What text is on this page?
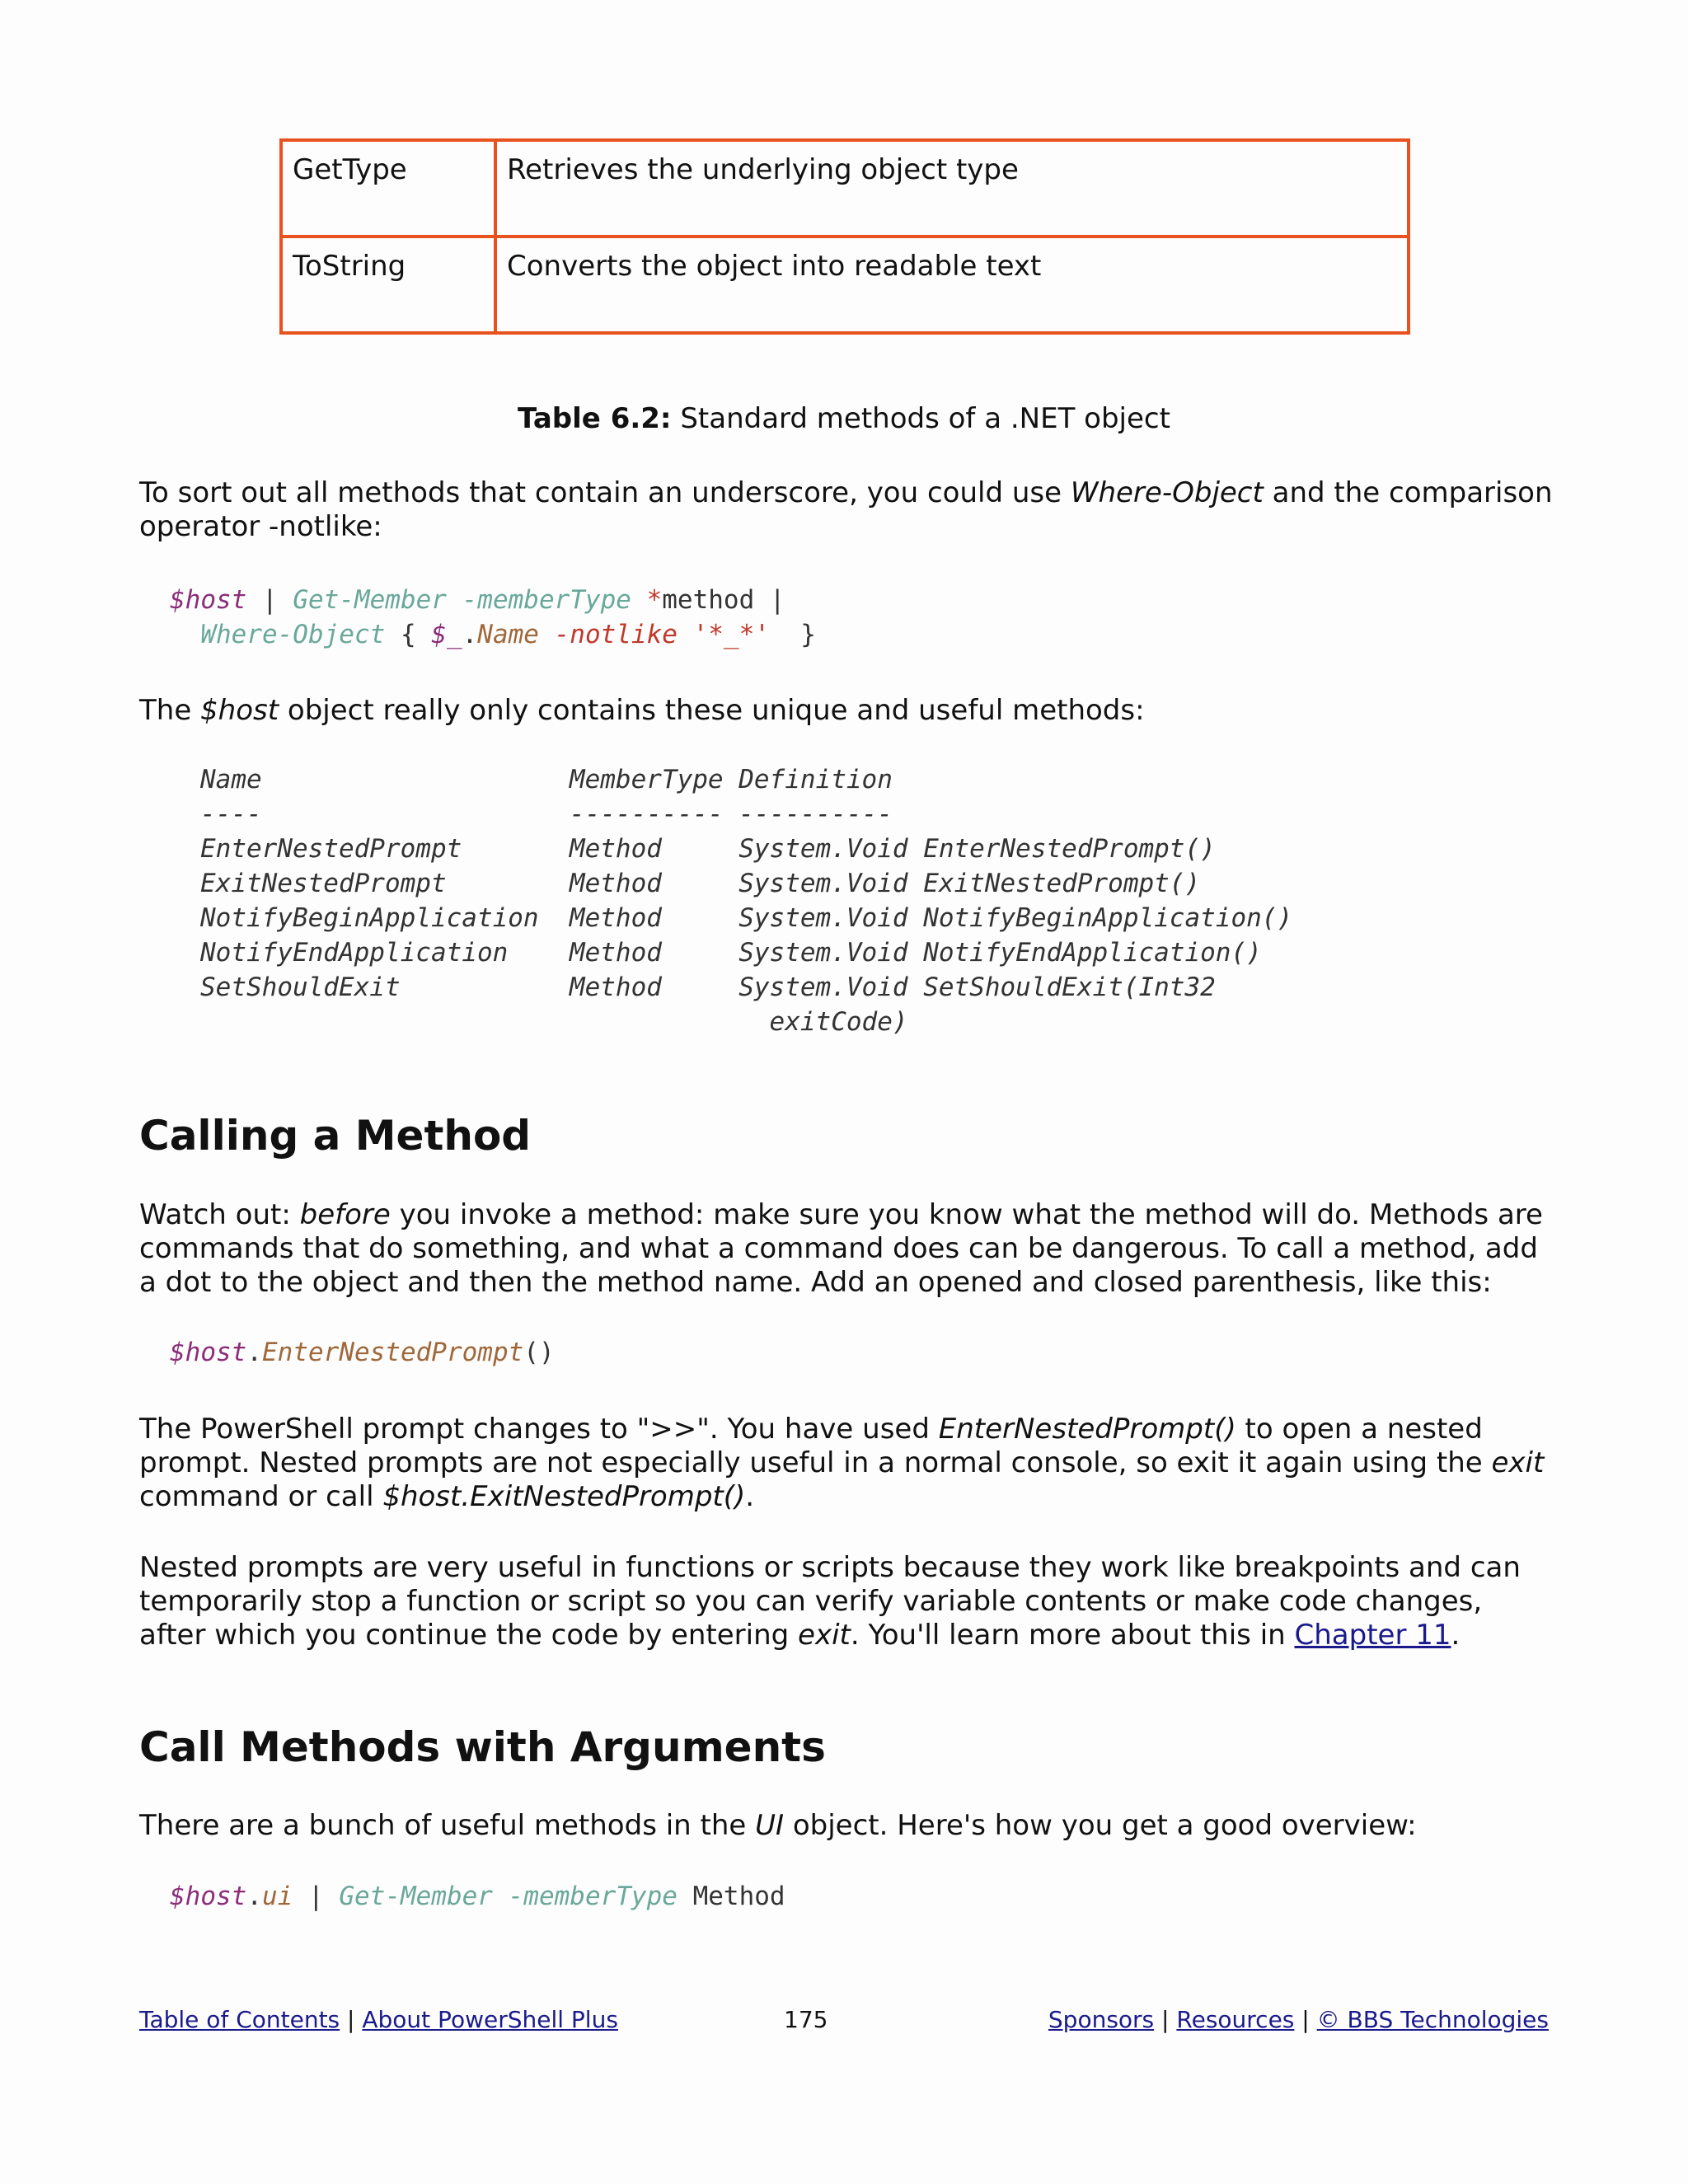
GetType	Retrieves the underlying object type
ToString	Converts the object into readable text
Table 6.2: Standard methods of a .NET object

To sort out all methods that contain an underscore, you could use Where-Object and the comparison operator -notlike:

$host | Get-Member -memberType *method |
Where-Object { $_.Name -notlike '*_*'  }

The $host object really only contains these unique and useful methods:

Name                    MemberType Definition
----                    ---------- ----------
EnterNestedPrompt       Method     System.Void EnterNestedPrompt()
ExitNestedPrompt        Method     System.Void ExitNestedPrompt()
NotifyBeginApplication  Method     System.Void NotifyBeginApplication()
NotifyEndApplication    Method     System.Void NotifyEndApplication()
SetShouldExit           Method     System.Void SetShouldExit(Int32
exitCode)
Calling a Method

Watch out: before you invoke a method: make sure you know what the method will do. Methods are commands that do something, and what a command does can be dangerous. To call a method, add a dot to the object and then the method name. Add an opened and closed parenthesis, like this:

$host.EnterNestedPrompt()

The PowerShell prompt changes to ">>". You have used EnterNestedPrompt() to open a nested prompt. Nested prompts are not especially useful in a normal console, so exit it again using the exit command or call $host.ExitNestedPrompt().

Nested prompts are very useful in functions or scripts because they work like breakpoints and can temporarily stop a function or script so you can verify variable contents or make code changes, after which you continue the code by entering exit. You'll learn more about this in Chapter 11.

Call Methods with Arguments

There are a bunch of useful methods in the UI object. Here's how you get a good overview:

$host.ui | Get-Member -memberType Method
Table of Contents | About PowerShell Plus	175	Sponsors | Resources | © BBS Technologies
